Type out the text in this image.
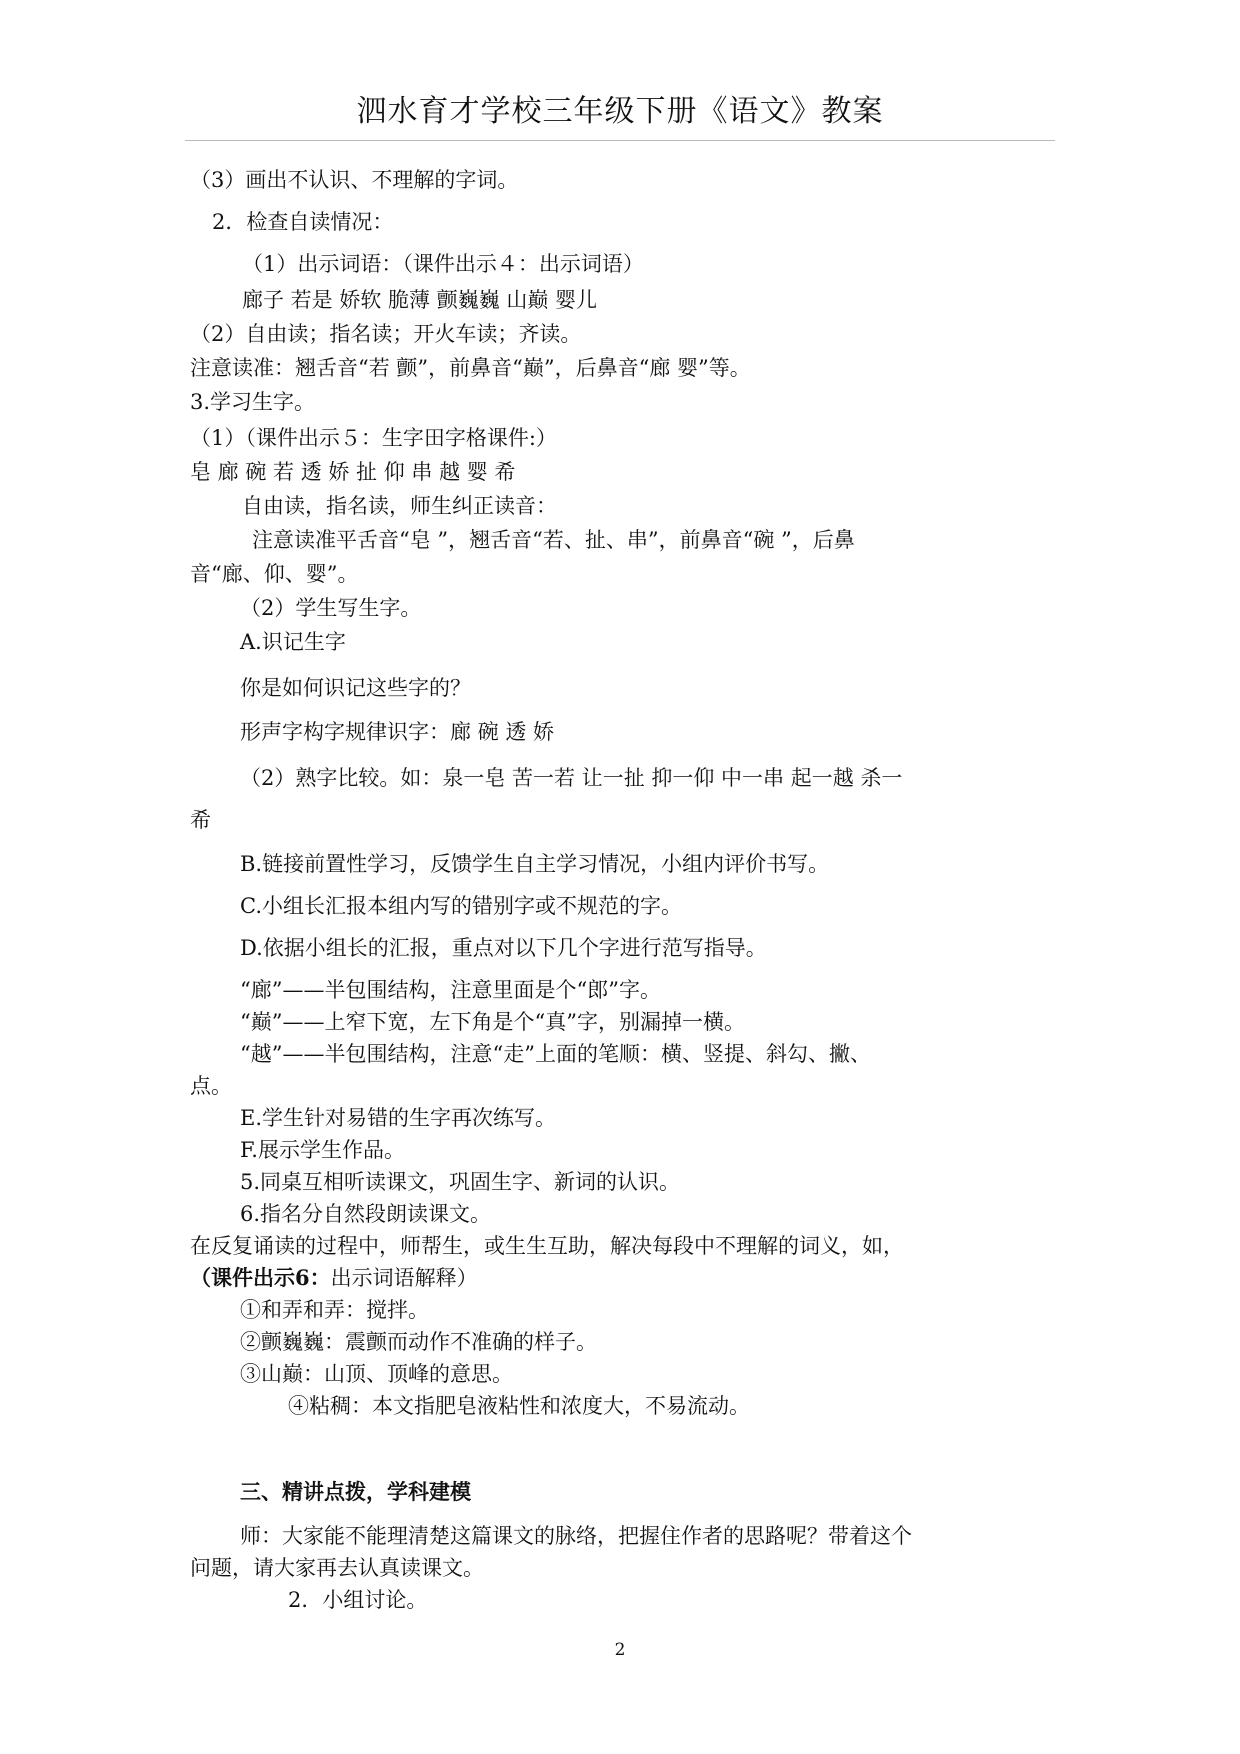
泗水育才学校三年级下册《语文》教案
（3）画出不认识、不理解的字词。
2．检查自读情况：
（1）出示词语：（课件出示４：出示词语）
廊子 若是 娇软 脆薄 颤巍巍 山巅 婴儿
（2）自由读；指名读；开火车读；齐读。
注意读准：翘舌音“若 颤”，前鼻音“巅”，后鼻音“廊 婴”等。
3.学习生字。
（1）（课件出示５：生字田字格课件:）
皂 廊 碗 若 透 娇 扯 仰 串 越 婴 希
自由读，指名读，师生纠正读音：
注意读准平舌音“皂 ”，翘舌音“若、扯、串”，前鼻音“碗 ”，后鼻
音“廊、仰、婴”。
（2）学生写生字。
A.识记生字
你是如何识记这些字的？
形声字构字规律识字：廊 碗 透 娇
（2）熟字比较。如：泉一皂 苦一若 让一扯 抑一仰 中一串 起一越 杀一
希
B.链接前置性学习，反馈学生自主学习情况，小组内评价书写。
C.小组长汇报本组内写的错别字或不规范的字。
D.依据小组长的汇报，重点对以下几个字进行范写指导。
“廊”——半包围结构，注意里面是个“郎”字。
“巅”——上窄下宽，左下角是个“真”字，别漏掉一横。
“越”——半包围结构，注意“走”上面的笔顺：横、竖提、斜勾、撇、
点。
E.学生针对易错的生字再次练写。
F.展示学生作品。
5.同桌互相听读课文，巩固生字、新词的认识。
6.指名分自然段朗读课文。
在反复诵读的过程中，师帮生，或生生互助，解决每段中不理解的词义，如，
（课件出示6：出示词语解释）
①和弄和弄：搅拌。
②颤巍巍：震颤而动作不准确的样子。
③山巅：山顶、顶峰的意思。
④粘稠：本文指肥皂液粘性和浓度大，不易流动。
三、精讲点拨，学科建模
师：大家能不能理清楚这篇课文的脉络，把握住作者的思路呢？带着这个
问题，请大家再去认真读课文。
2．小组讨论。
2
